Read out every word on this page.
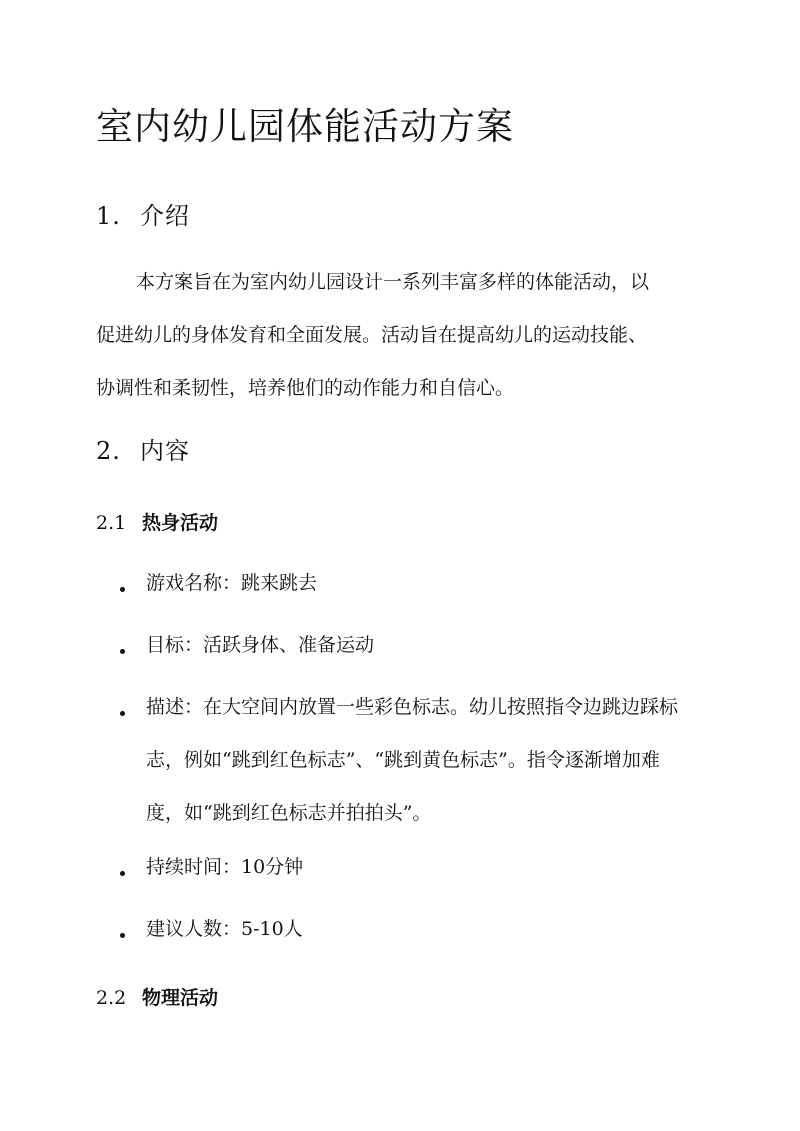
室内幼儿园体能活动方案
1. 介绍
本方案旨在为室内幼儿园设计一系列丰富多样的体能活动，以
促进幼儿的身体发育和全面发展。活动旨在提高幼儿的运动技能、
协调性和柔韧性，培养他们的动作能力和自信心。
2. 内容
2.1 热身活动
游戏名称：跳来跳去
目标：活跃身体、准备运动
描述：在大空间内放置一些彩色标志。幼儿按照指令边跳边踩标志，例如“跳到红色标志”、“跳到黄色标志”。指令逐渐增加难度，如“跳到红色标志并拍拍头”。
持续时间：10分钟
建议人数：5-10人
2.2 物理活动
